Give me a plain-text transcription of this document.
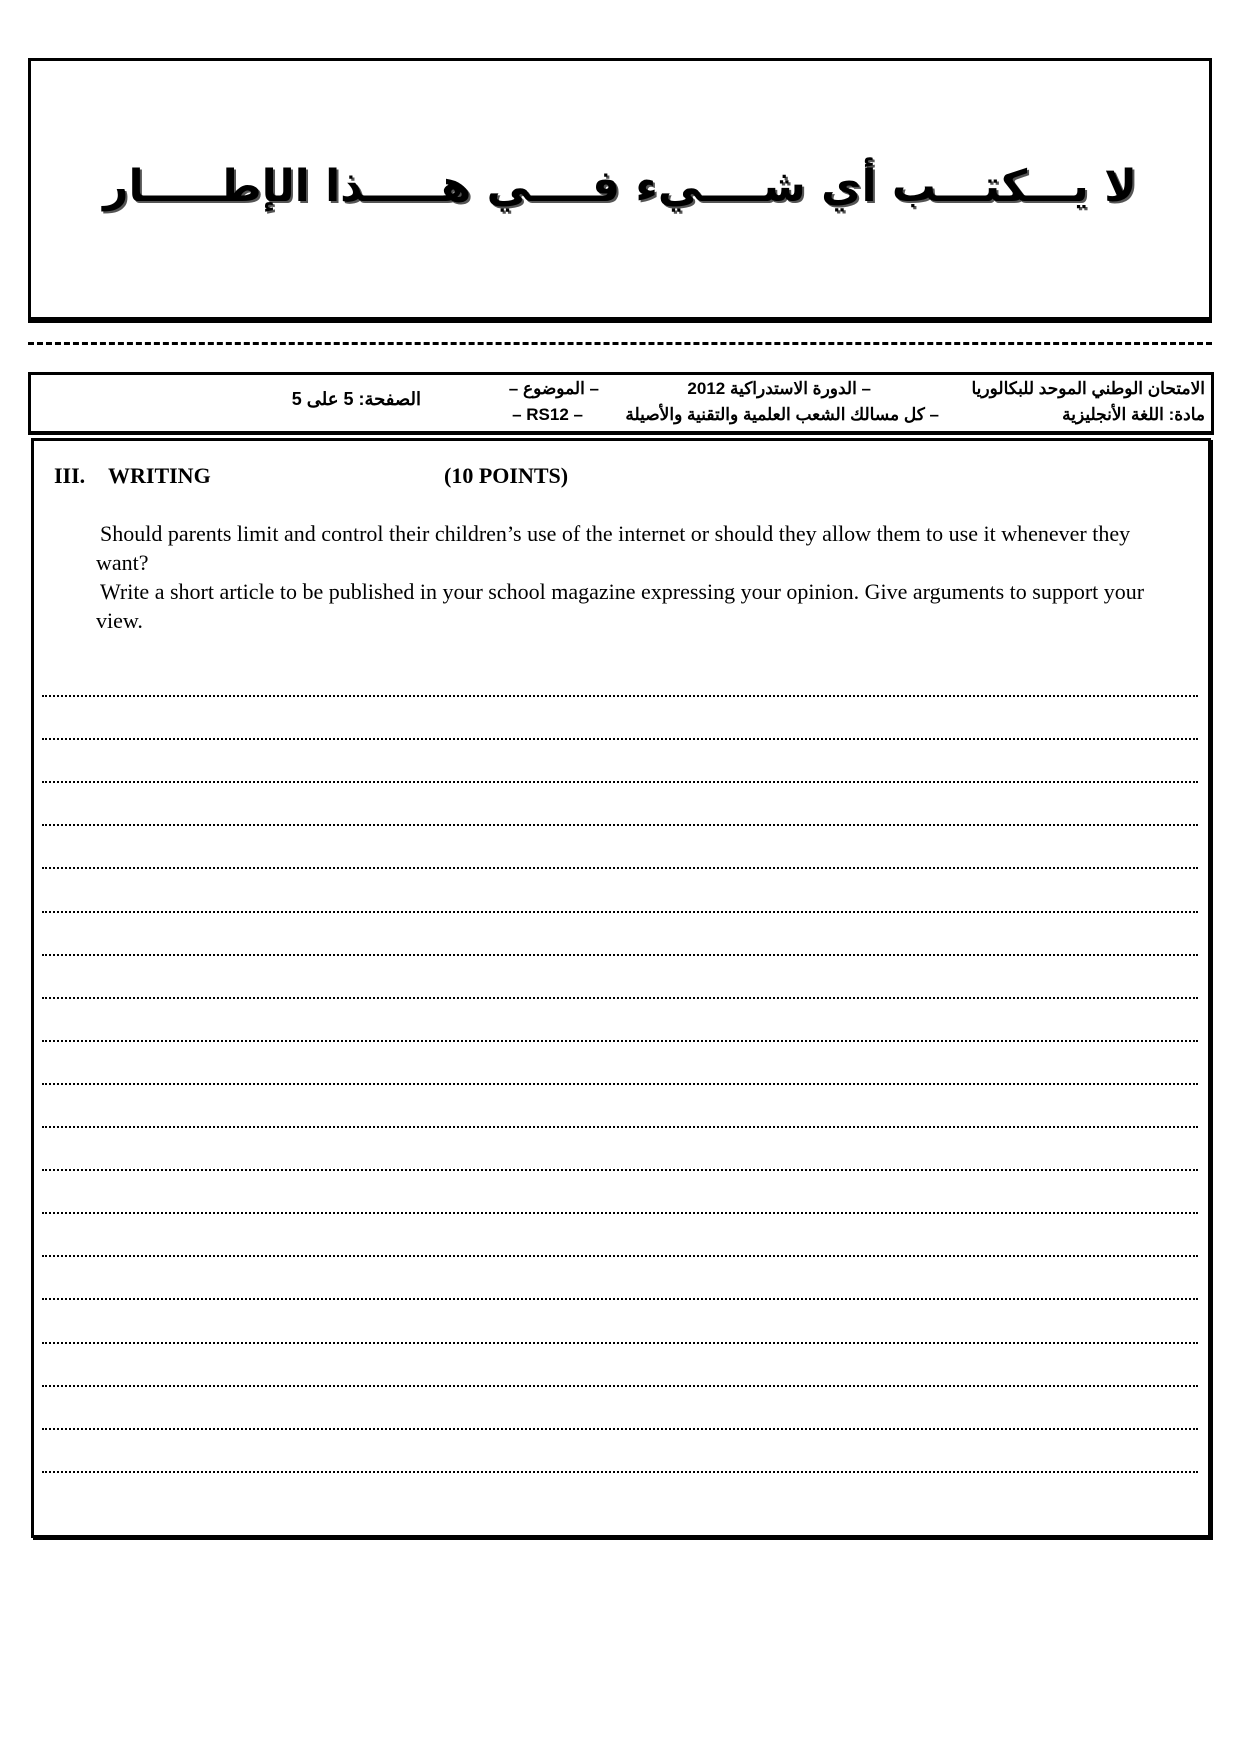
لا يـــكتـــب أي شــــيء فــــي هـــــذا الإطـــــار
الامتحان الوطني الموحد للبكالوريا
– الدورة الاستدراكية 2012
– الموضوع –
الصفحة: 5 على 5
مادة: اللغة الأنجليزية
– كل مسالك الشعب العلمية والتقنية والأصيلة
– RS12 –
III. WRITING	(10 POINTS)

Should parents limit and control their children’s use of the internet or should they allow them to use it whenever they want?

Write a short article to be published in your school magazine expressing your opinion. Give arguments to support your view.
